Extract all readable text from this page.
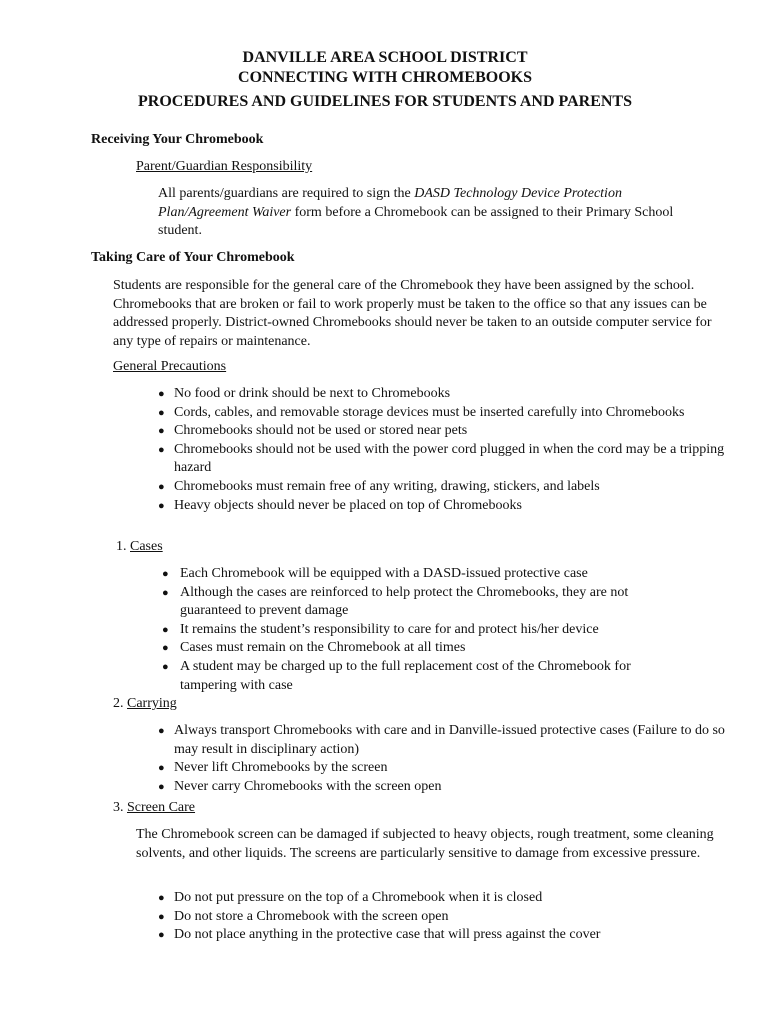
DANVILLE AREA SCHOOL DISTRICT
CONNECTING WITH CHROMEBOOKS
PROCEDURES AND GUIDELINES FOR STUDENTS AND PARENTS
Receiving Your Chromebook
Parent/Guardian Responsibility
All parents/guardians are required to sign the DASD Technology Device Protection Plan/Agreement Waiver form before a Chromebook can be assigned to their Primary School student.
Taking Care of Your Chromebook
Students are responsible for the general care of the Chromebook they have been assigned by the school. Chromebooks that are broken or fail to work properly must be taken to the office so that any issues can be addressed properly. District-owned Chromebooks should never be taken to an outside computer service for any type of repairs or maintenance.
General Precautions
● No food or drink should be next to Chromebooks
● Cords, cables, and removable storage devices must be inserted carefully into Chromebooks
● Chromebooks should not be used or stored near pets
● Chromebooks should not be used with the power cord plugged in when the cord may be a tripping hazard
● Chromebooks must remain free of any writing, drawing, stickers, and labels
● Heavy objects should never be placed on top of Chromebooks
1. Cases
● Each Chromebook will be equipped with a DASD-issued protective case
● Although the cases are reinforced to help protect the Chromebooks, they are not guaranteed to prevent damage
● It remains the student’s responsibility to care for and protect his/her device
● Cases must remain on the Chromebook at all times
● A student may be charged up to the full replacement cost of the Chromebook for tampering with case
2. Carrying
● Always transport Chromebooks with care and in Danville-issued protective cases (Failure to do so may result in disciplinary action)
● Never lift Chromebooks by the screen
● Never carry Chromebooks with the screen open
3. Screen Care
The Chromebook screen can be damaged if subjected to heavy objects, rough treatment, some cleaning solvents, and other liquids. The screens are particularly sensitive to damage from excessive pressure.
● Do not put pressure on the top of a Chromebook when it is closed
● Do not store a Chromebook with the screen open
● Do not place anything in the protective case that will press against the cover
